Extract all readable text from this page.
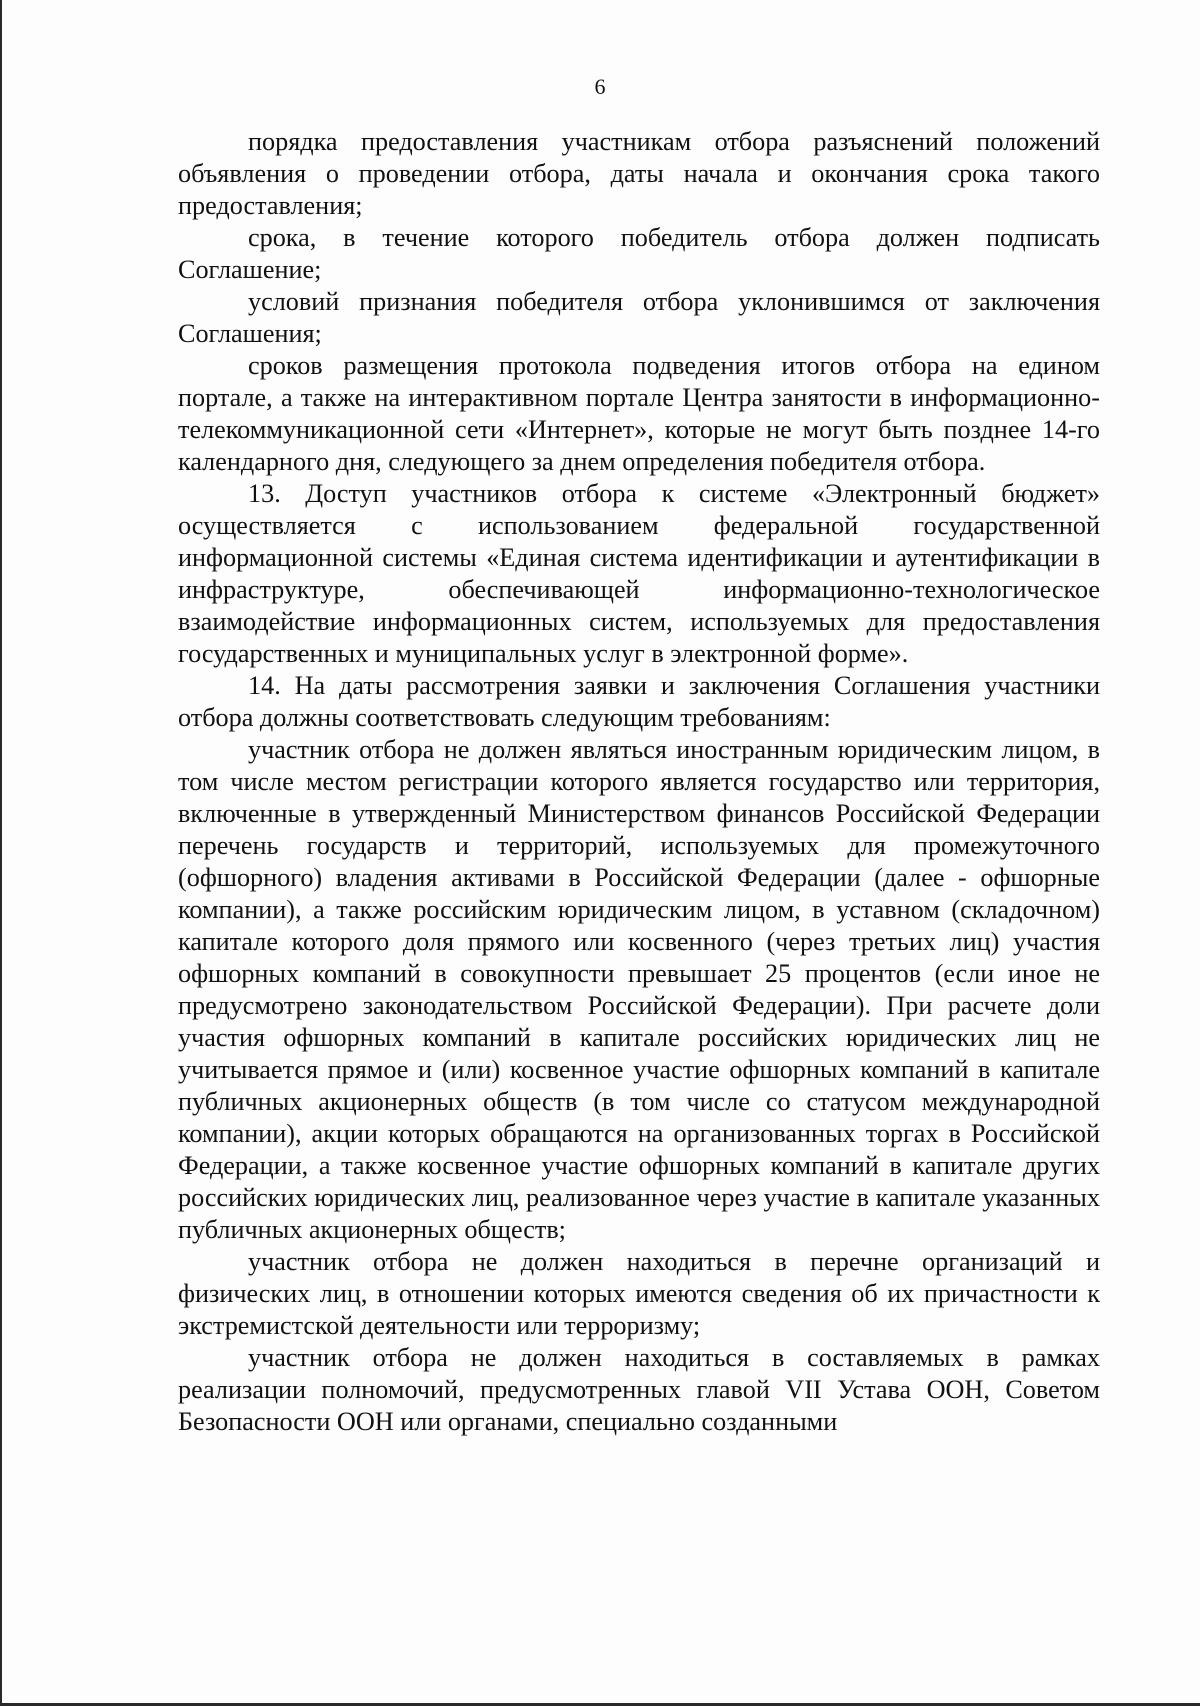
6

порядка предоставления участникам отбора разъяснений положений объявления о проведении отбора, даты начала и окончания срока такого предоставления;

срока, в течение которого победитель отбора должен подписать Соглашение;

условий признания победителя отбора уклонившимся от заключения Соглашения;

сроков размещения протокола подведения итогов отбора на едином портале, а также на интерактивном портале Центра занятости в информационно-телекоммуникационной сети «Интернет», которые не могут быть позднее 14-го календарного дня, следующего за днем определения победителя отбора.

13. Доступ участников отбора к системе «Электронный бюджет» осуществляется с использованием федеральной государственной информационной системы «Единая система идентификации и аутентификации в инфраструктуре, обеспечивающей информационно-технологическое взаимодействие информационных систем, используемых для предоставления государственных и муниципальных услуг в электронной форме».

14. На даты рассмотрения заявки и заключения Соглашения участники отбора должны соответствовать следующим требованиям:

участник отбора не должен являться иностранным юридическим лицом, в том числе местом регистрации которого является государство или территория, включенные в утвержденный Министерством финансов Российской Федерации перечень государств и территорий, используемых для промежуточного (офшорного) владения активами в Российской Федерации (далее - офшорные компании), а также российским юридическим лицом, в уставном (складочном) капитале которого доля прямого или косвенного (через третьих лиц) участия офшорных компаний в совокупности превышает 25 процентов (если иное не предусмотрено законодательством Российской Федерации). При расчете доли участия офшорных компаний в капитале российских юридических лиц не учитывается прямое и (или) косвенное участие офшорных компаний в капитале публичных акционерных обществ (в том числе со статусом международной компании), акции которых обращаются на организованных торгах в Российской Федерации, а также косвенное участие офшорных компаний в капитале других российских юридических лиц, реализованное через участие в капитале указанных публичных акционерных обществ;

участник отбора не должен находиться в перечне организаций и физических лиц, в отношении которых имеются сведения об их причастности к экстремистской деятельности или терроризму;

участник отбора не должен находиться в составляемых в рамках реализации полномочий, предусмотренных главой VII Устава ООН, Советом Безопасности ООН или органами, специально созданными
